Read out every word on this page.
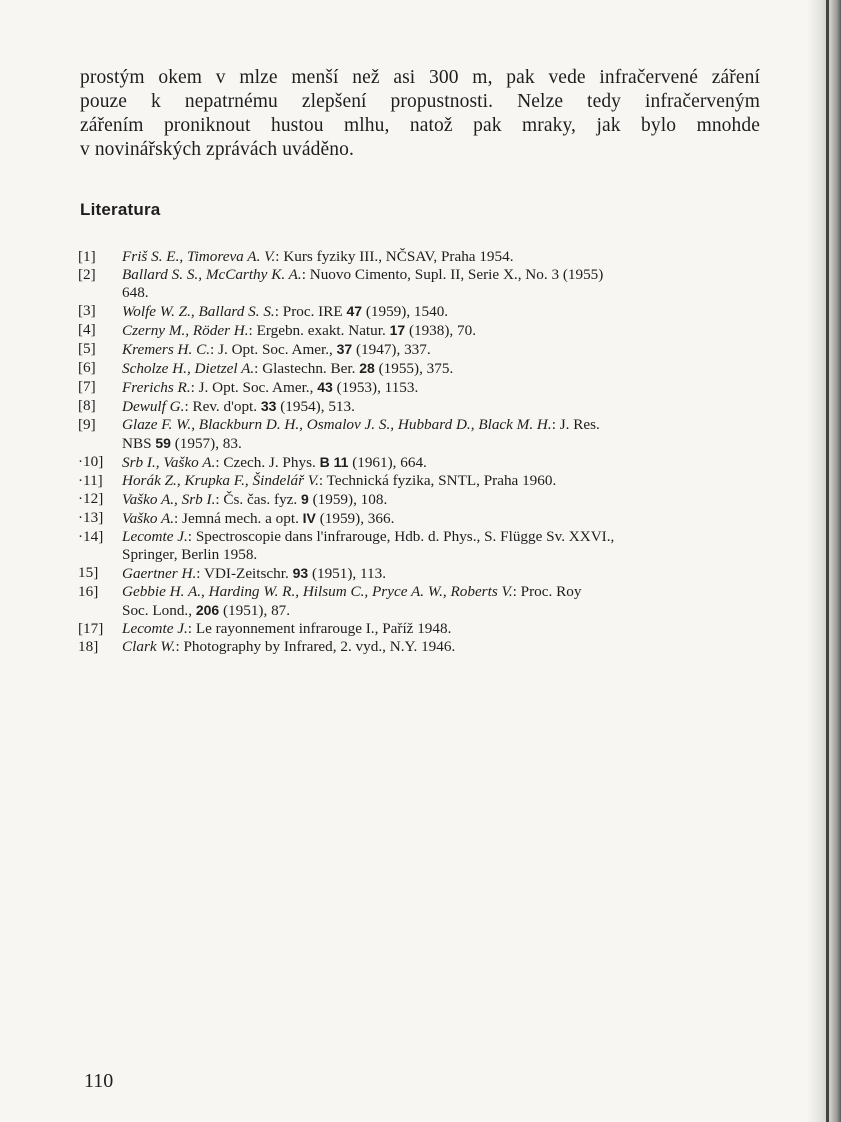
prostým okem v mlze menší než asi 300 m, pak vede infračervené záření
pouze k nepatrnému zlepšení propustnosti. Nelze tedy infračerveným
zářením proniknout hustou mlhu, natož pak mraky, jak bylo mnohde
v novinářských zprávách uváděno.
Literatura
[1]	Friš S. E., Timoreva A. V.: Kurs fyziky III., NČSAV, Praha 1954.
[2]	Ballard S. S., McCarthy K. A.: Nuovo Cimento, Supl. II, Serie X., No. 3 (1955)
648.
[3]	Wolfe W. Z., Ballard S. S.: Proc. IRE 47 (1959), 1540.
[4]	Czerny M., Röder H.: Ergebn. exakt. Natur. 17 (1938), 70.
[5]	Kremers H. C.: J. Opt. Soc. Amer., 37 (1947), 337.
[6]	Scholze H., Dietzel A.: Glastechn. Ber. 28 (1955), 375.
[7]	Frerichs R.: J. Opt. Soc. Amer., 43 (1953), 1153.
[8]	Dewulf G.: Rev. d'opt. 33 (1954), 513.
[9]	Glaze F. W., Blackburn D. H., Osmalov J. S., Hubbard D., Black M. H.: J. Res.
NBS 59 (1957), 83.
·10]	Srb I., Vaško A.: Czech. J. Phys. B 11 (1961), 664.
·11]	Horák Z., Krupka F., Šindelář V.: Technická fyzika, SNTL, Praha 1960.
·12]	Vaško A., Srb I.: Čs. čas. fyz. 9 (1959), 108.
·13]	Vaško A.: Jemná mech. a opt. IV (1959), 366.
·14]	Lecomte J.: Spectroscopie dans l'infrarouge, Hdb. d. Phys., S. Flügge Sv. XXVI.,
Springer, Berlin 1958.
15]	Gaertner H.: VDI-Zeitschr. 93 (1951), 113.
16]	Gebbie H. A., Harding W. R., Hilsum C., Pryce A. W., Roberts V.: Proc. Roy
Soc. Lond., 206 (1951), 87.
[17]	Lecomte J.: Le rayonnement infrarouge I., Paříž 1948.
18]	Clark W.: Photography by Infrared, 2. vyd., N.Y. 1946.
110
